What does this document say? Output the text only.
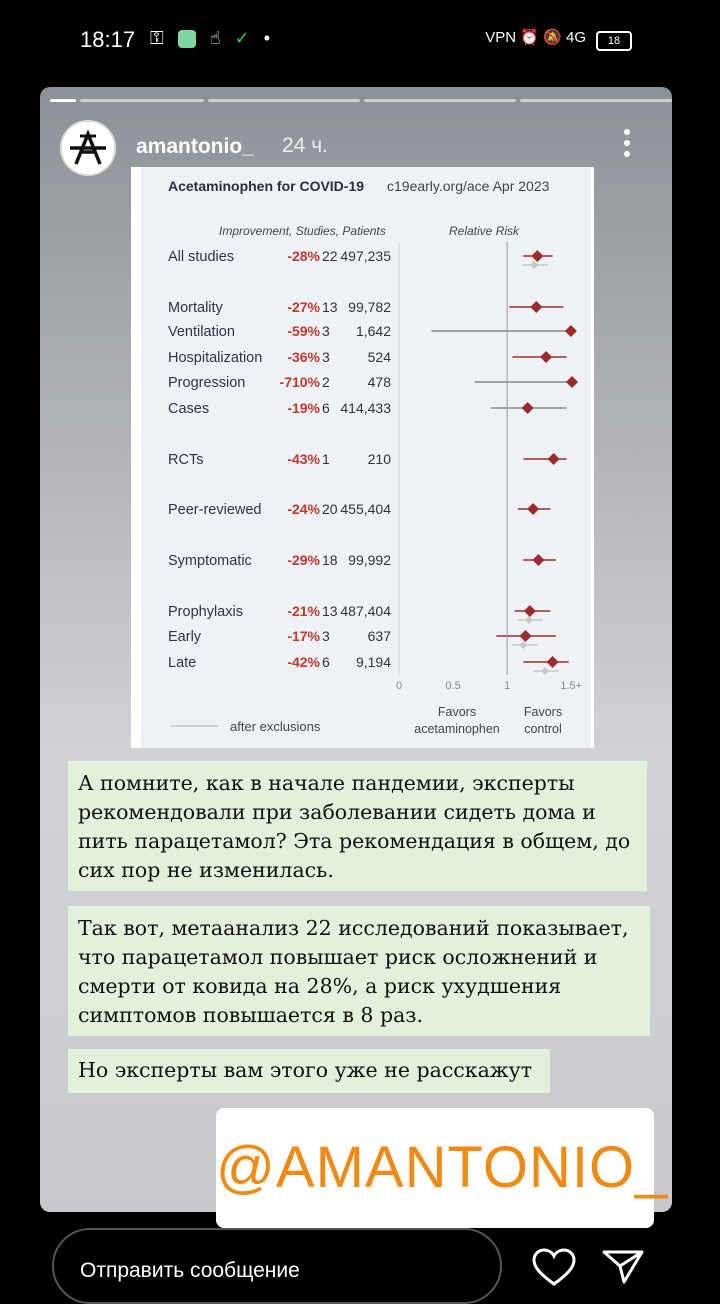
18:17 ⚿	☝ ✓ •	VPN ⏰ 🔕 4G	18
amantonio_ 24 ч.
Acetaminophen for COVID-19 c19early.org/ace Apr 2023
Improvement, Studies, Patients	Relative Risk
All studies	-28% 22 497,235
Mortality	-27% 13 99,782
Ventilation	-59% 3 1,642
Hospitalization -36% 3	524
Progression -710% 2	478
Cases	-19% 6 414,433
RCTs	-43% 1	210
Peer-reviewed -24% 20 455,404
Symptomatic	-29% 18 99,992
Prophylaxis	-21% 13 487,404
Early	-17% 3	637
Late	-42% 6 9,194
0	0.5	1	1.5+
Favors
acetaminophen
Favors
control
after exclusions
А помните, как в начале пандемии, эксперты
рекомендовали при заболевании сидеть дома и
пить парацетамол? Эта рекомендация в общем, до
сих пор не изменилась.
Так вот, метаанализ 22 исследований показывает,
что парацетамол повышает риск осложнений и
смерти от ковида на 28%, а риск ухудшения
симптомов повышается в 8 раз.
Но эксперты вам этого уже не расскажут
@AMANTONIO_
Отправить сообщение
